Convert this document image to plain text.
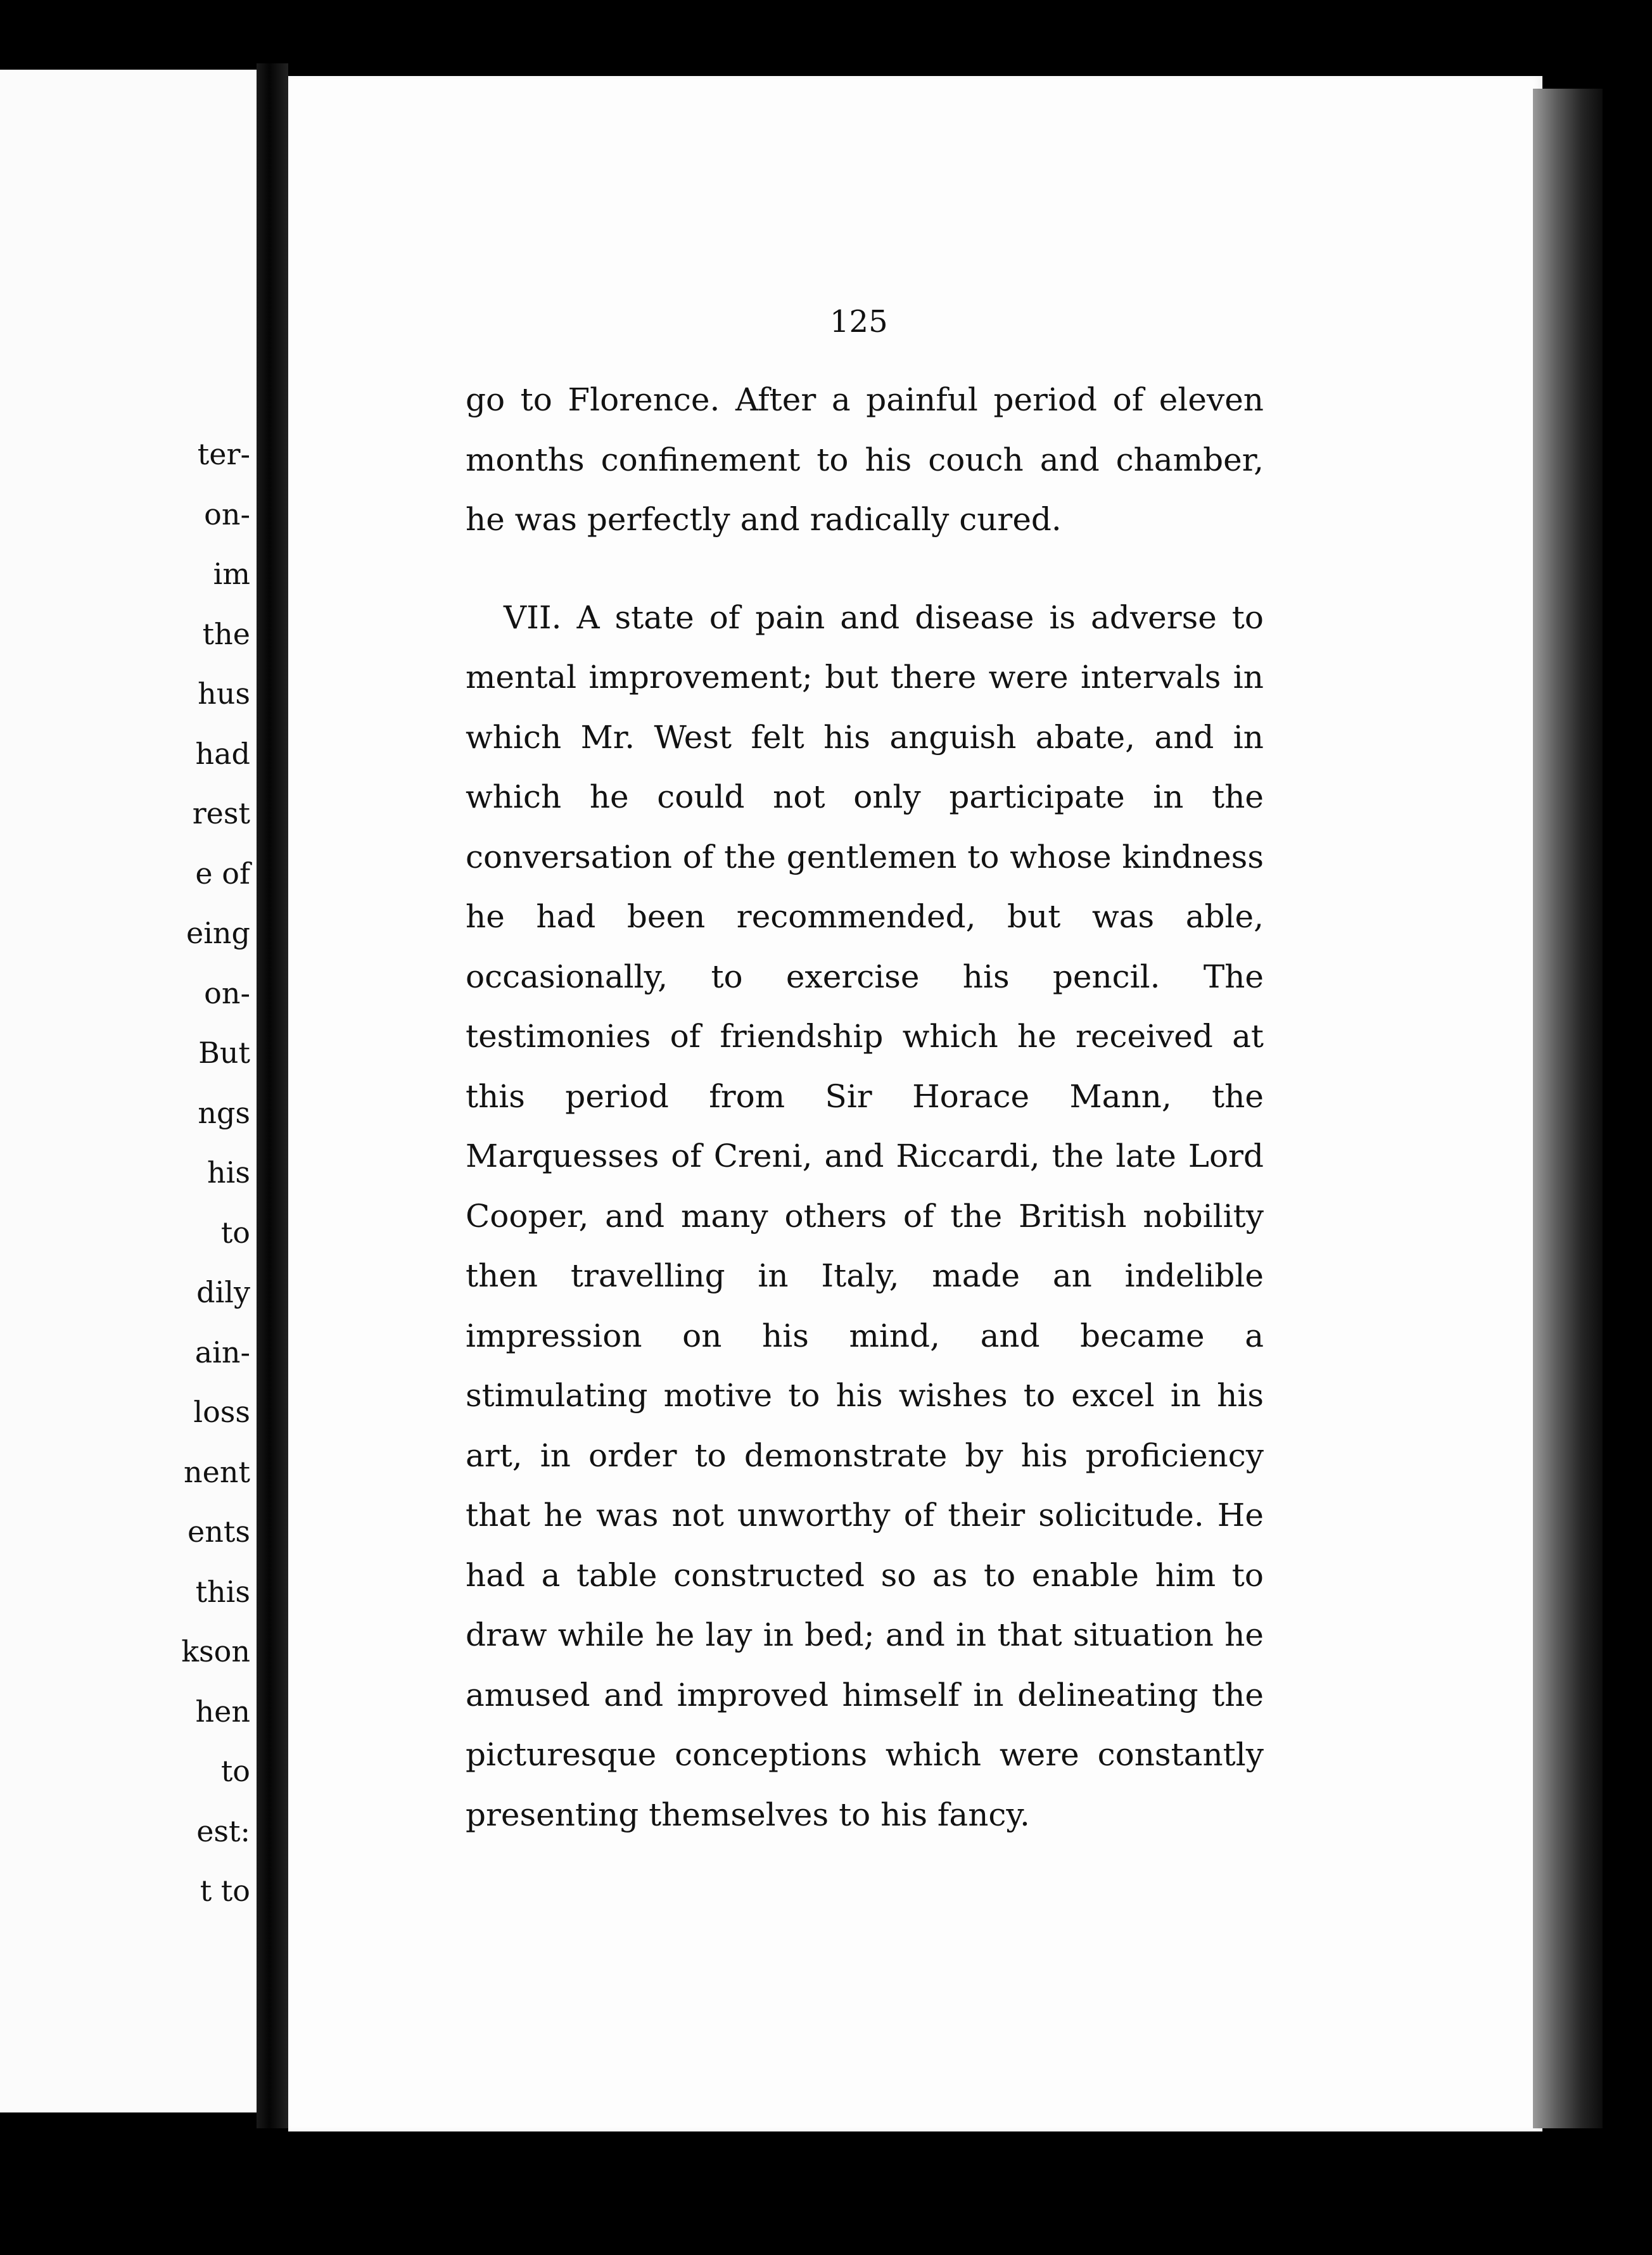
ter-
on-
im
the
hus
had
rest
e of
eing
on-
But
ngs
his
to
dily
ain-
loss
nent
ents
this
kson
hen
to
est:
t to
125

go to Florence. After a painful period of eleven months confinement to his couch and chamber, he was perfectly and radically cured.

VII. A state of pain and disease is adverse to mental improvement; but there were intervals in which Mr. West felt his anguish abate, and in which he could not only participate in the conversation of the gentlemen to whose kindness he had been recommended, but was able, occasionally, to exercise his pencil. The testimonies of friendship which he received at this period from Sir Horace Mann, the Marquesses of Creni, and Riccardi, the late Lord Cooper, and many others of the British nobility then travelling in Italy, made an indelible impression on his mind, and became a stimulating motive to his wishes to excel in his art, in order to demonstrate by his proficiency that he was not unworthy of their solicitude. He had a table constructed so as to enable him to draw while he lay in bed; and in that situation he amused and improved himself in delineating the picturesque conceptions which were constantly presenting themselves to his fancy.
